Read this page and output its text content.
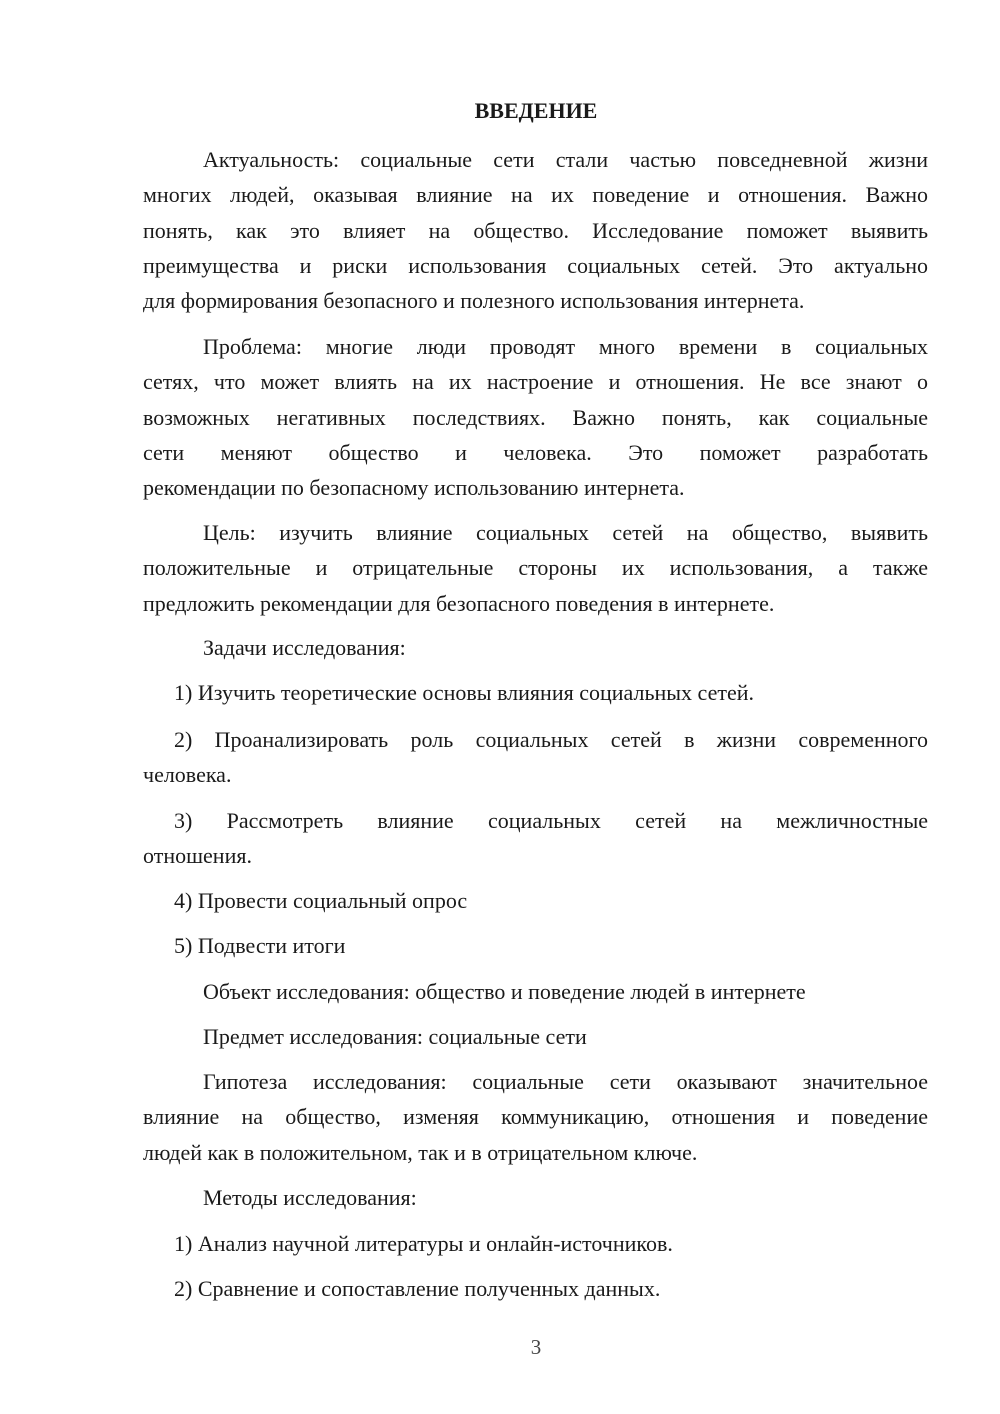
ВВЕДЕНИЕ
Актуальность: социальные сети стали частью повседневной жизни
многих людей, оказывая влияние на их поведение и отношения. Важно
понять, как это влияет на общество. Исследование поможет выявить
преимущества и риски использования социальных сетей. Это актуально
для формирования безопасного и полезного использования интернета.
Проблема: многие люди проводят много времени в социальных
сетях, что может влиять на их настроение и отношения. Не все знают о
возможных негативных последствиях. Важно понять, как социальные
сети меняют общество и человека. Это поможет разработать
рекомендации по безопасному использованию интернета.
Цель: изучить влияние социальных сетей на общество, выявить
положительные и отрицательные стороны их использования, а также
предложить рекомендации для безопасного поведения в интернете.
Задачи исследования:
1) Изучить теоретические основы влияния социальных сетей.
2) Проанализировать роль социальных сетей в жизни современного
человека.
3) Рассмотреть влияние социальных сетей на межличностные
отношения.
4) Провести социальный опрос
5) Подвести итоги
Объект исследования: общество и поведение людей в интернете
Предмет исследования: социальные сети
Гипотеза исследования: социальные сети оказывают значительное
влияние на общество, изменяя коммуникацию, отношения и поведение
людей как в положительном, так и в отрицательном ключе.
Методы исследования:
1) Анализ научной литературы и онлайн-источников.
2) Сравнение и сопоставление полученных данных.
3
